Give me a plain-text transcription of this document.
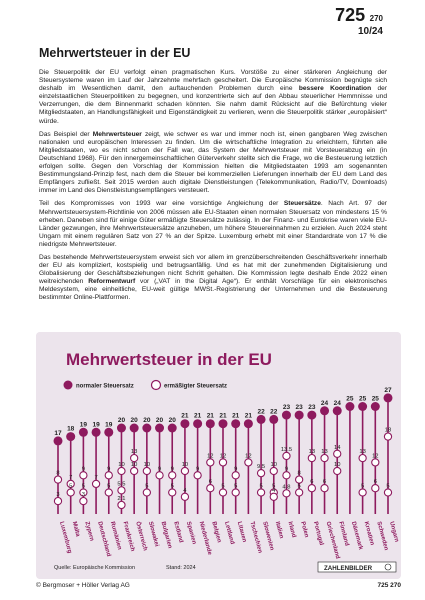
725 270
10/24
Mehrwertsteuer in der EU

Die Steuerpolitik der EU verfolgt einen pragmatischen Kurs. Vorstöße zu einer stärkeren Angleichung der Steuersysteme waren im Lauf der Jahrzehnte mehrfach gescheitert. Die Europäische Kommission begnügte sich deshalb im Wesentlichen damit, den auftauchenden Problemen durch eine bessere Koordination der einzelstaatlichen Steuerpolitiken zu begegnen, und konzentrierte sich auf den Abbau steuerlicher Hemmnisse und Verzerrungen, die dem Binnenmarkt schaden könnten. Sie nahm damit Rücksicht auf die Befürchtung vieler Mitgliedstaaten, an Handlungsfähigkeit und Eigenständigkeit zu verlieren, wenn die Steuerpolitik stärker „europäisiert“ würde.

Das Beispiel der Mehrwertsteuer zeigt, wie schwer es war und immer noch ist, einen gangbaren Weg zwischen nationalen und europäischen Interessen zu finden. Um die wirtschaftliche Integration zu erleichtern, führten alle Mitgliedstaaten, wo es nicht schon der Fall war, das System der Mehrwertsteuer mit Vorsteuerabzug ein (in Deutschland 1968). Für den innergemeinschaftlichen Güterverkehr stellte sich die Frage, wo die Besteuerung letztlich erfolgen sollte. Gegen den Vorschlag der Kommission hielten die Mitgliedstaaten 1993 am sogenannten Bestimmungsland-Prinzip fest, nach dem die Steuer bei kommerziellen Lieferungen innerhalb der EU dem Land des Empfängers zufließt. Seit 2015 werden auch digitale Dienstleistungen (Telekommunikation, Radio/TV, Downloads) immer im Land des Dienstleistungsempfängers versteuert.

Teil des Kompromisses von 1993 war eine vorsichtige Angleichung der Steuersätze. Nach Art. 97 der Mehrwertsteuersystem-Richtlinie von 2006 müssen alle EU-Staaten einen normalen Steuersatz von mindestens 15 % erheben. Daneben sind für einige Güter ermäßigte Steuersätze zulässig. In der Finanz- und Eurokrise waren viele EU-Länder gezwungen, ihre Mehrwertsteuersätze anzuheben, um höhere Steuereinnahmen zu erzielen. Auch 2024 steht Ungarn mit einem regulären Satz von 27 % an der Spitze. Luxemburg erhebt mit einer Standardrate von 17 % die niedrigste Mehrwertsteuer.

Das bestehende Mehrwertsteuersystem erweist sich vor allem im grenzüberschreitenden Geschäftsverkehr innerhalb der EU als kompliziert, kostspielig und betrugsanfällig. Und es hat mit der zunehmenden Digitalisierung und Globalisierung der Geschäftsbeziehungen nicht Schritt gehalten. Die Kommission legte deshalb Ende 2022 einen weitreichenden Reformentwurf vor („VAT in the Digital Age“). Er enthält Vorschläge für ein elektronisches Meldesystem, eine einheitliche, EU-weit gültige MWSt.-Registrierung der Unternehmen und die Besteuerung bestimmter Online-Plattformen.

Mehrwertsteuer in der EU
normaler Steuersatz	ermäßigter Steuersatz
17
8
3
Luxemburg
18
7
5
Malta
19
9
5
3
Zypern
19
7
Deutschland
19
9
5
Rumänien
20
10
5.5
2.1
Frankreich
20
13
10
Österreich
20
10
5
Slowakei
20
9
Bulgarien
20
9
5
Estland
21
10
4
Spanien
21
9
Niederlande
21
12
6
Belgien
21
12
5
Lettland
21
9
5
Litauen
21
12
Tschechien
22
9.5
5
Slowenien
22
10
5
4
Italien
23
13.5
9
4.8
Irland
23
8
5
Polen
23
13
6
Portugal
24
13
6
Griechenland
24
14
10
Finnland
25
Dänemark
25
13
5
Kroatien
25
12
6
Schweden
27
18
5
Ungarn
Quelle: Europäische Kommission	Stand: 2024	ZAHLENBILDER
© Bergmoser + Höller Verlag AG	725 270
